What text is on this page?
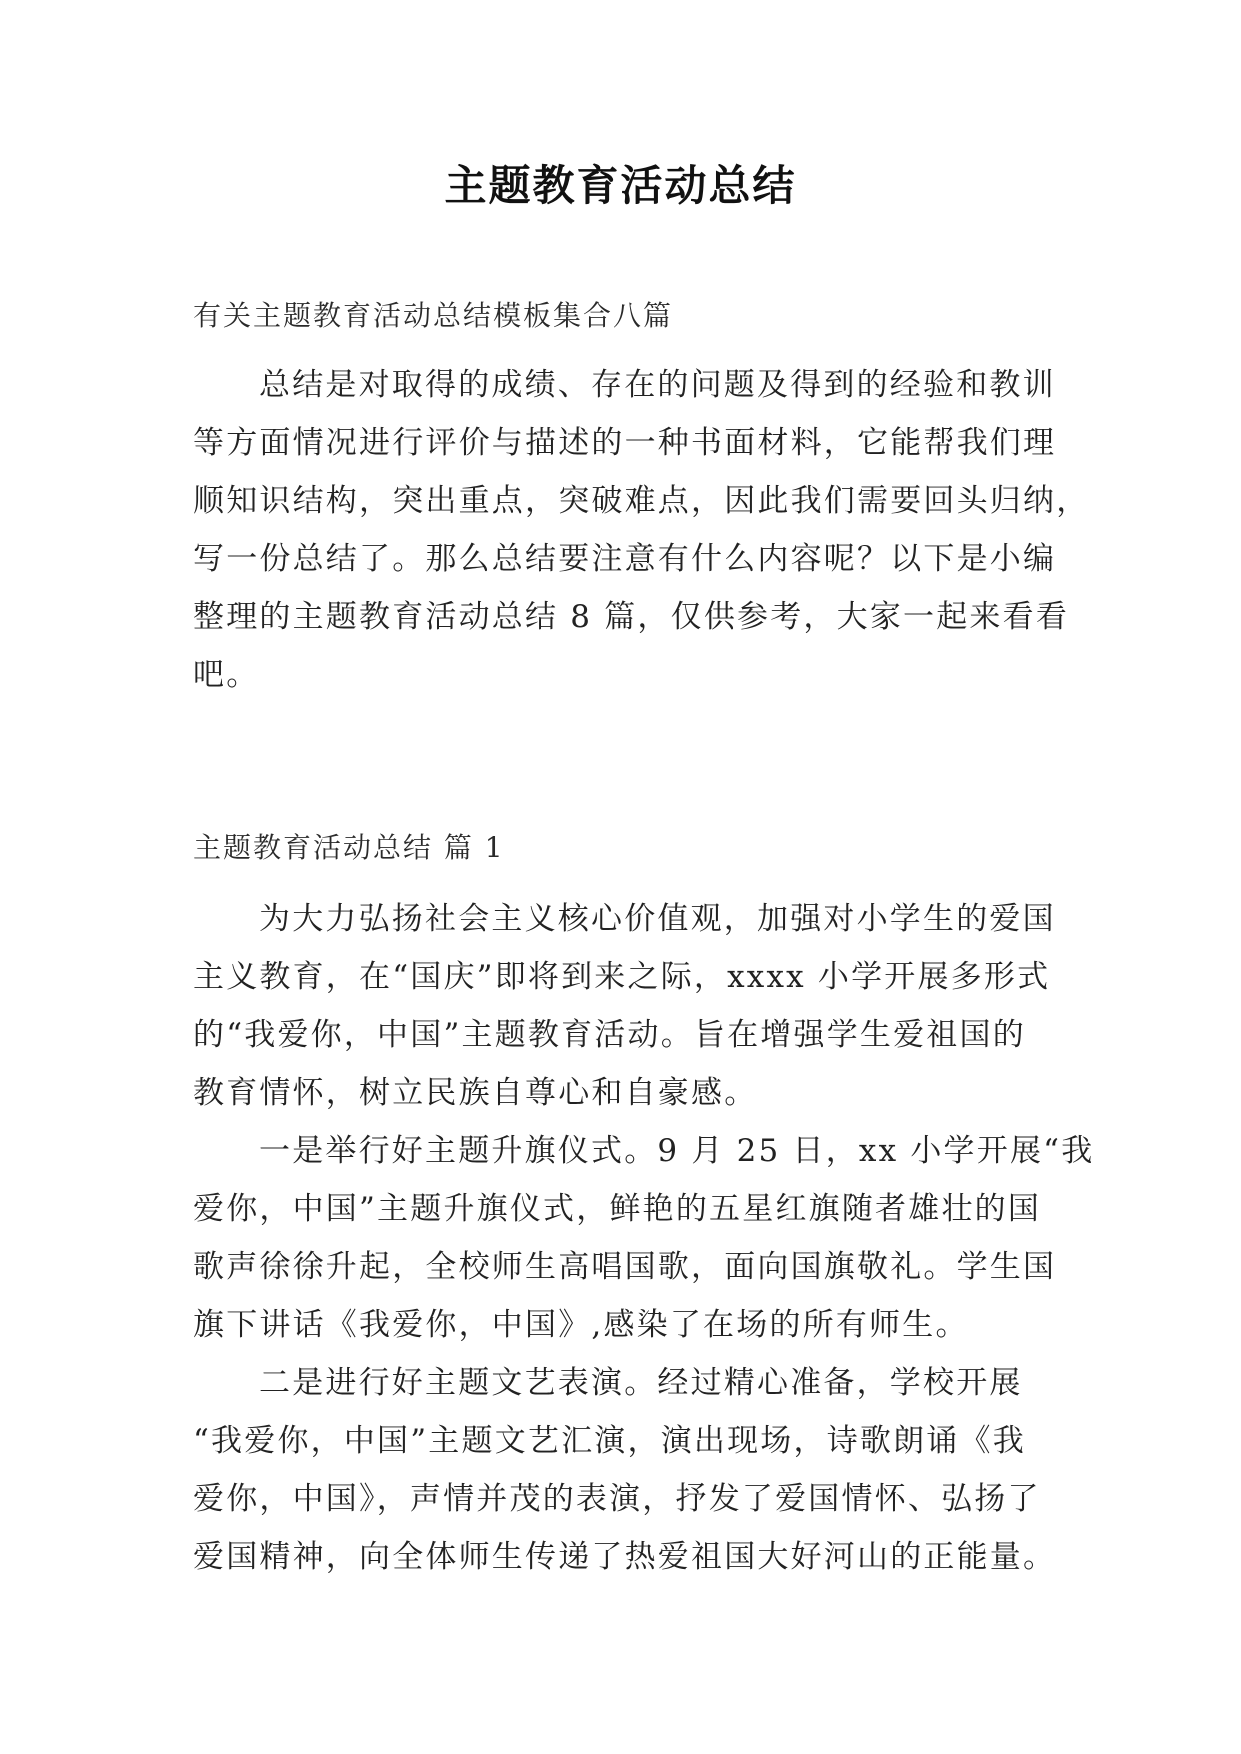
主题教育活动总结
有关主题教育活动总结模板集合八篇
总结是对取得的成绩、存在的问题及得到的经验和教训
等方面情况进行评价与描述的一种书面材料，它能帮我们理
顺知识结构，突出重点，突破难点，因此我们需要回头归纳，
写一份总结了。那么总结要注意有什么内容呢？以下是小编
整理的主题教育活动总结 8 篇，仅供参考，大家一起来看看
吧。
主题教育活动总结 篇 1
为大力弘扬社会主义核心价值观，加强对小学生的爱国
主义教育，在“国庆”即将到来之际，xxxx 小学开展多形式
的“我爱你，中国”主题教育活动。旨在增强学生爱祖国的
教育情怀，树立民族自尊心和自豪感。
一是举行好主题升旗仪式。9 月 25 日，xx 小学开展“我
爱你，中国”主题升旗仪式，鲜艳的五星红旗随者雄壮的国
歌声徐徐升起，全校师生高唱国歌，面向国旗敬礼。学生国
旗下讲话《我爱你，中国》,感染了在场的所有师生。
二是进行好主题文艺表演。经过精心准备，学校开展
“我爱你，中国”主题文艺汇演，演出现场，诗歌朗诵《我
爱你，中国》，声情并茂的表演，抒发了爱国情怀、弘扬了
爱国精神，向全体师生传递了热爱祖国大好河山的正能量。
